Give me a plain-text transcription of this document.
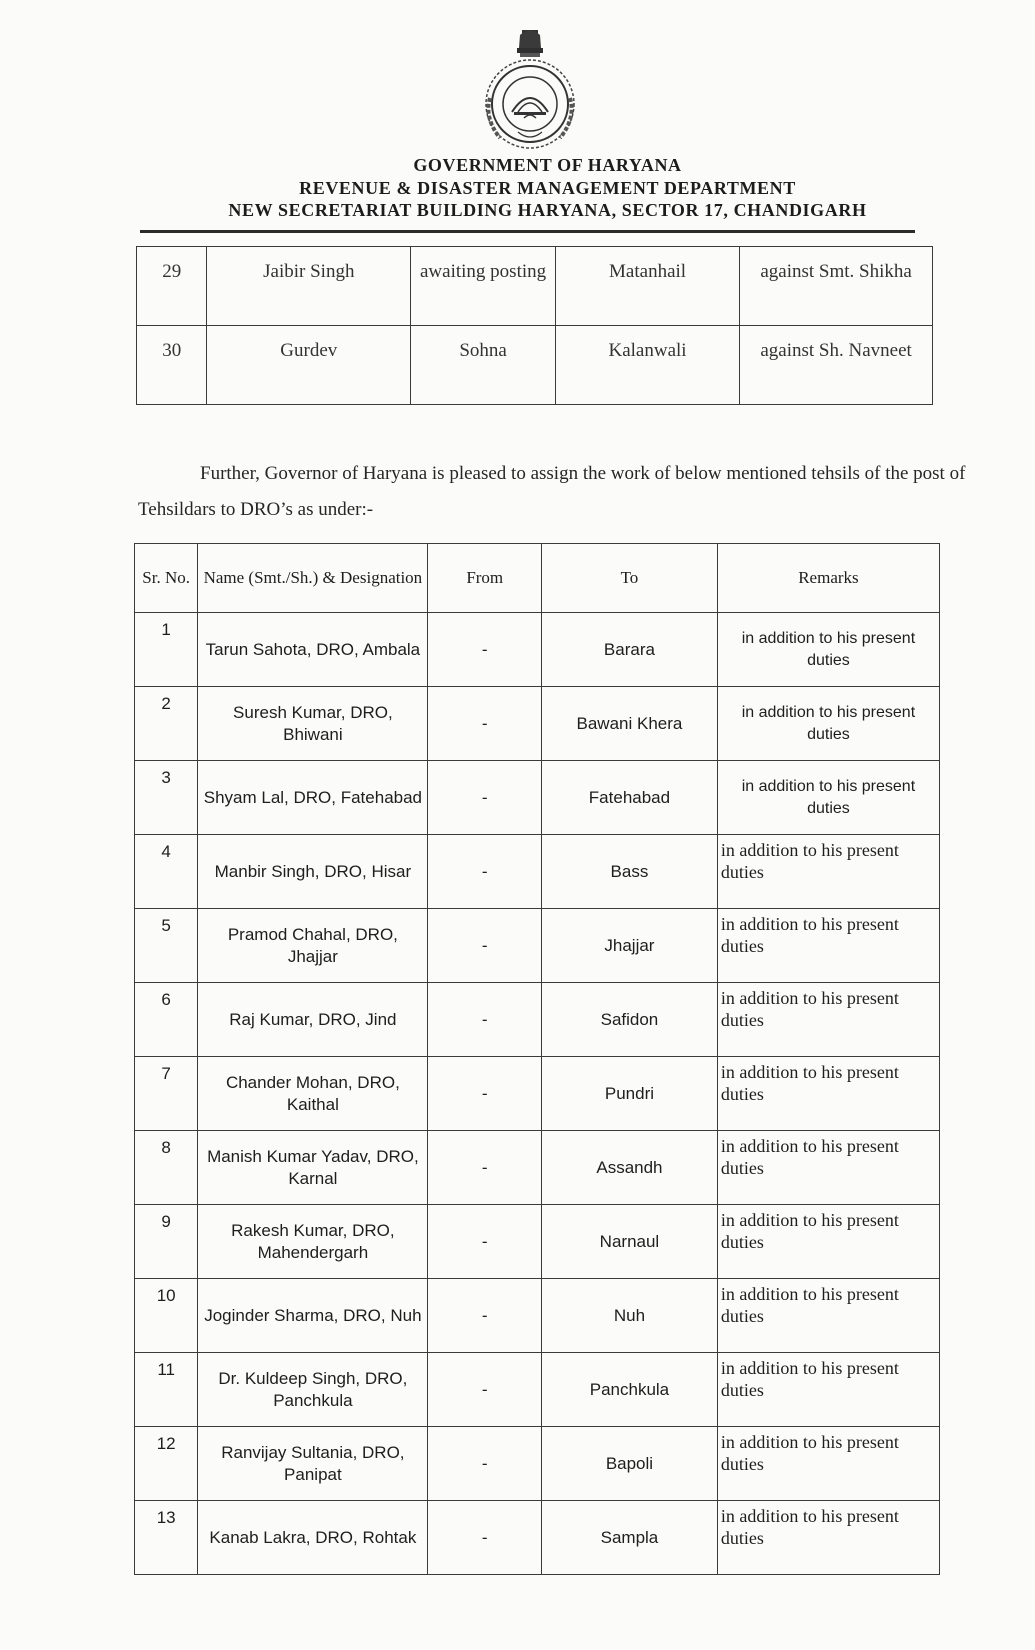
GOVERNMENT OF HARYANA
REVENUE & DISASTER MANAGEMENT DEPARTMENT
NEW SECRETARIAT BUILDING HARYANA, SECTOR 17, CHANDIGARH
29	Jaibir Singh	awaiting posting	Matanhail	against Smt. Shikha
30	Gurdev	Sohna	Kalanwali	against Sh. Navneet
Further, Governor of Haryana is pleased to assign the work of below mentioned tehsils of the post of Tehsildars to DRO’s as under:-
Sr. No.	Name (Smt./Sh.) & Designation	From	To	Remarks
1	Tarun Sahota, DRO, Ambala	-	Barara	in addition to his present duties
2	Suresh Kumar, DRO, Bhiwani	-	Bawani Khera	in addition to his present duties
3	Shyam Lal, DRO, Fatehabad	-	Fatehabad	in addition to his present duties
4	Manbir Singh, DRO, Hisar	-	Bass	in addition to his present duties
5	Pramod Chahal, DRO, Jhajjar	-	Jhajjar	in addition to his present duties
6	Raj Kumar, DRO, Jind	-	Safidon	in addition to his present duties
7	Chander Mohan, DRO, Kaithal	-	Pundri	in addition to his present duties
8	Manish Kumar Yadav, DRO, Karnal	-	Assandh	in addition to his present duties
9	Rakesh Kumar, DRO, Mahendergarh	-	Narnaul	in addition to his present duties
10	Joginder Sharma, DRO, Nuh	-	Nuh	in addition to his present duties
11	Dr. Kuldeep Singh, DRO, Panchkula	-	Panchkula	in addition to his present duties
12	Ranvijay Sultania, DRO, Panipat	-	Bapoli	in addition to his present duties
13	Kanab Lakra, DRO, Rohtak	-	Sampla	in addition to his present duties
